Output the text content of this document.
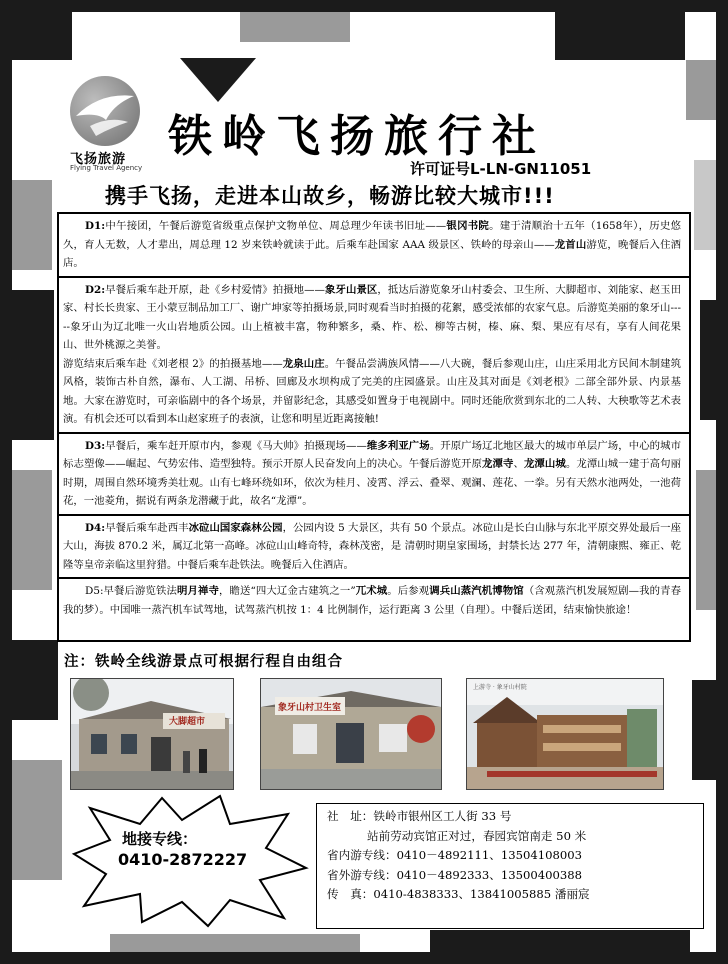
飞扬旅游
Flying Travel Agency
铁岭飞扬旅行社
许可证号L-LN-GN11051
携手飞扬，走进本山故乡，畅游比较大城市!!!

D1:中午接团，午餐后游览省级重点保护文物单位、周总理少年读书旧址——银冈书院。建于清顺治十五年（1658年），历史悠久，育人无数，人才辈出，周总理 12 岁来铁岭就读于此。后乘车赴国家 AAA 级景区、铁岭的母亲山——龙首山游览，晚餐后入住酒店。

D2:早餐后乘车赴开原，赴《乡村爱情》拍摄地——象牙山景区，抵达后游览象牙山村委会、卫生所、大脚超市、刘能家、赵玉田家、村长长贵家、王小蒙豆制品加工厂、谢广坤家等拍摄场景,同时观看当时拍摄的花絮，感受浓郁的农家气息。后游览美丽的象牙山-----象牙山为辽北唯一火山岩地质公园。山上植被丰富，物种繁多，桑、柞、松、柳等古树，榛、麻、梨、果应有尽有，享有人间花果山、世外桃源之美誉。

游览结束后乘车赴《刘老根 2》的拍摄基地——龙泉山庄。午餐品尝满族风情——八大碗，餐后参观山庄，山庄采用北方民间木制建筑风格，装饰古朴自然，瀑布、人工湖、吊桥、回廊及水坝构成了完美的庄园盛景。山庄及其对面是《刘老根》二部全部外景、内景基地。大家在游览时，可亲临剧中的各个场景，并留影纪念，其感受如置身于电视剧中。同时还能欣赏到东北的二人转、大秧歌等艺术表演。有机会还可以看到本山赵家班子的表演，让您和明星近距离接触!

D3:早餐后，乘车赶开原市内，参观《马大帅》拍摄现场——维多利亚广场。开原广场辽北地区最大的城市单层广场，中心的城市标志塑像——崛起、气势宏伟、造型独特。预示开原人民奋发向上的决心。午餐后游览开原龙潭寺、龙潭山城。龙潭山城一建于高句丽时期，周围自然环境秀美壮观。山有七峰环绕如环，依次为桂月、凌霄、浮云、叠翠、观澜、莲花、一拳。另有天然水池两处，一池荷花，一池菱角，据说有两条龙潜藏于此，故名“龙潭”。

D4:早餐后乘车赴西丰冰砬山国家森林公园，公园内设 5 大景区，共有 50 个景点。冰砬山是长白山脉与东北平原交界处最后一座大山，海拔 870.2 米，属辽北第一高峰。冰砬山山峰奇特，森林茂密，是 清朝时期皇家围场，封禁长达 277 年，清朝康熙、雍正、乾隆等皇帝亲临这里狩猎。中餐后乘车赴铁法。晚餐后入住酒店。

D5:早餐后游览铁法明月禅寺，瞻送“四大辽金古建筑之一”兀术城。后参观调兵山蒸汽机博物馆（含观蒸汽机发展短剧—我的青春我的梦）。中国唯一蒸汽机车试驾地，试驾蒸汽机按 1：4 比例制作，运行距离 3 公里（自理）。中餐后送团，结束愉快旅途！

注：铁岭全线游景点可根据行程自由组合
大脚超市
象牙山村卫生室
上游寺 · 象牙山村院
地接专线：
0410-2872227
社　址：铁岭市银州区工人街 33 号
站前劳动宾馆正对过，春园宾馆南走 50 米
省内游专线：0410－4892111、13504108003
省外游专线：0410－4892333、13500400388
传　真：0410-4838333、13841005885 潘丽宸
